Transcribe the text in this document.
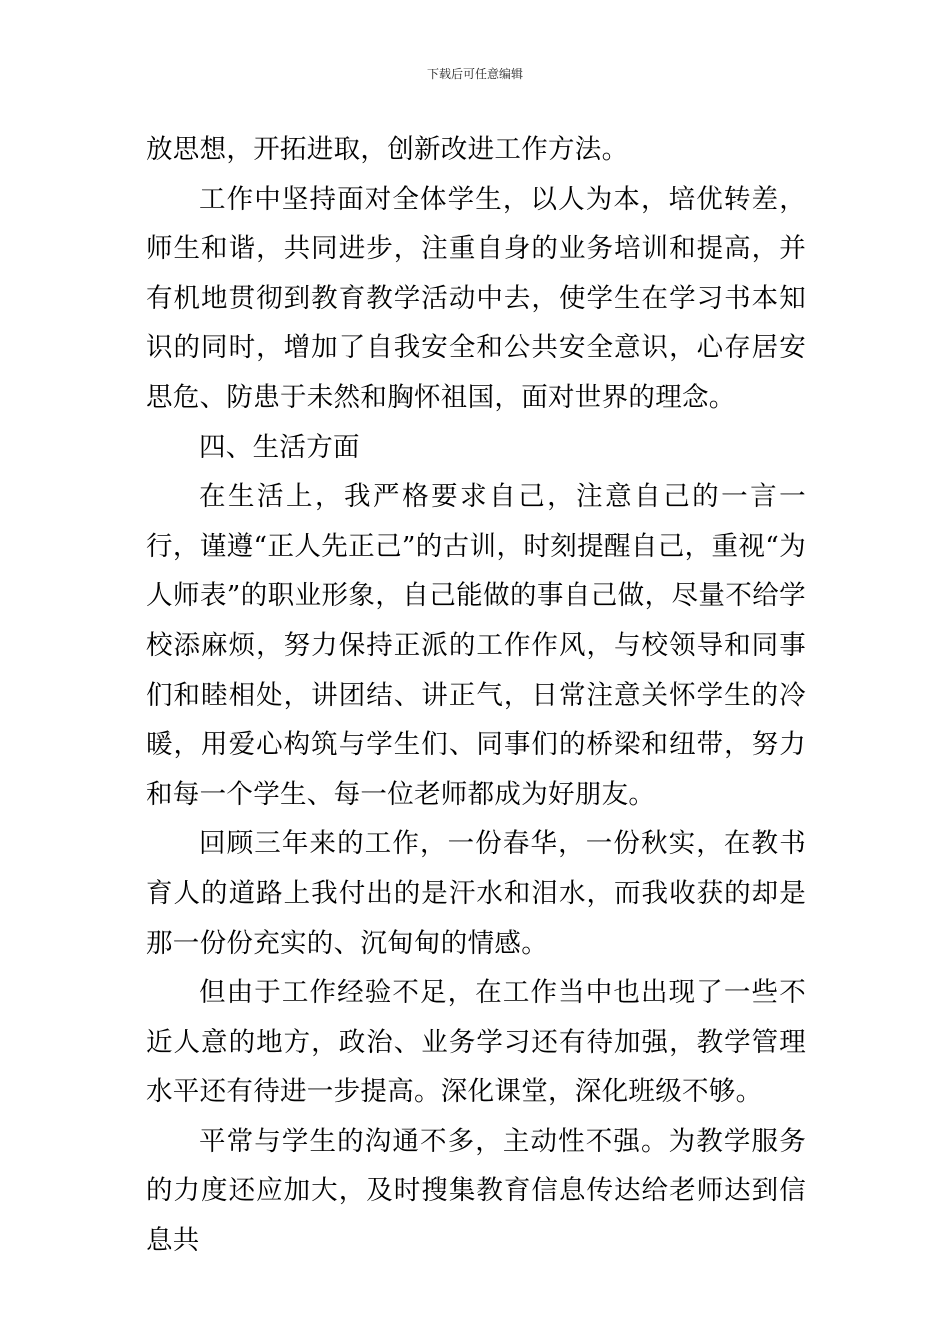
下载后可任意编辑

放思想，开拓进取，创新改进工作方法。

工作中坚持面对全体学生，以人为本，培优转差，师生和谐，共同进步，注重自身的业务培训和提高，并有机地贯彻到教育教学活动中去，使学生在学习书本知识的同时，增加了自我安全和公共安全意识，心存居安思危、防患于未然和胸怀祖国，面对世界的理念。

四、生活方面

在生活上，我严格要求自己，注意自己的一言一行，谨遵“正人先正己”的古训，时刻提醒自己，重视“为人师表”的职业形象，自己能做的事自己做，尽量不给学校添麻烦，努力保持正派的工作作风，与校领导和同事们和睦相处，讲团结、讲正气，日常注意关怀学生的冷暖，用爱心构筑与学生们、同事们的桥梁和纽带，努力和每一个学生、每一位老师都成为好朋友。

回顾三年来的工作，一份春华，一份秋实，在教书育人的道路上我付出的是汗水和泪水，而我收获的却是那一份份充实的、沉甸甸的情感。

但由于工作经验不足，在工作当中也出现了一些不近人意的地方，政治、业务学习还有待加强，教学管理水平还有待进一步提高。深化课堂，深化班级不够。

平常与学生的沟通不多，主动性不强。为教学服务的力度还应加大，及时搜集教育信息传达给老师达到信息共
